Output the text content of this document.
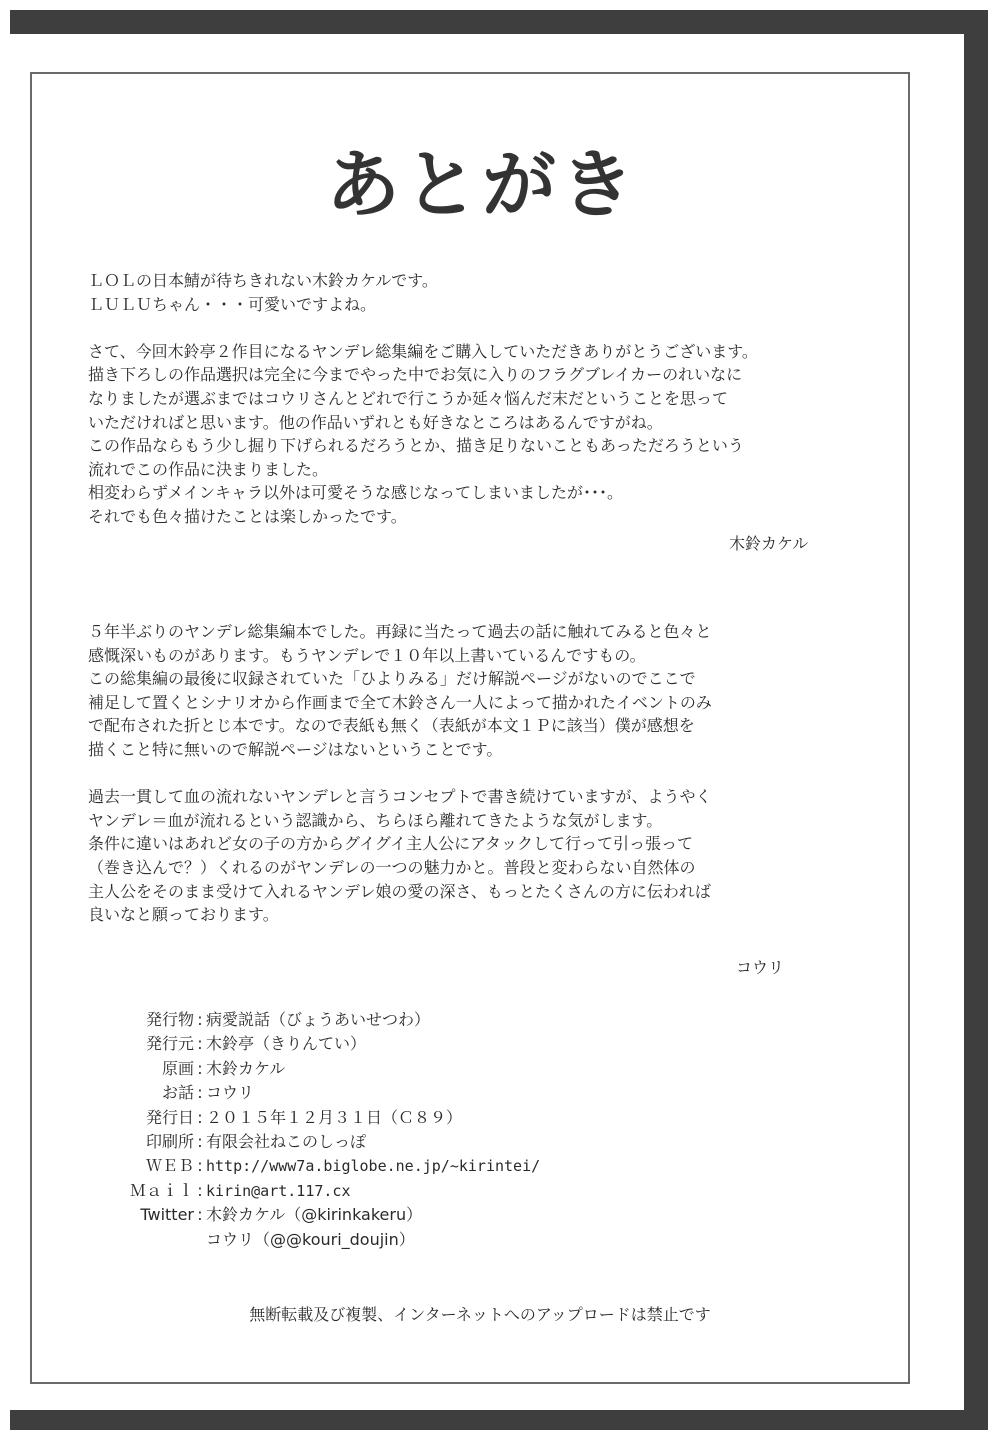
あとがき
ＬＯＬの日本鯖が待ちきれない木鈴カケルです。
ＬＵＬＵちゃん・・・可愛いですよね。
さて、今回木鈴亭２作目になるヤンデレ総集編をご購入していただきありがとうございます。
描き下ろしの作品選択は完全に今までやった中でお気に入りのフラグブレイカーのれいなに
なりましたが選ぶまではコウリさんとどれで行こうか延々悩んだ末だということを思って
いただければと思います。他の作品いずれとも好きなところはあるんですがね。
この作品ならもう少し掘り下げられるだろうとか、描き足りないこともあっただろうという
流れでこの作品に決まりました。
相変わらずメインキャラ以外は可愛そうな感じなってしまいましたが･･･。
それでも色々描けたことは楽しかったです。
木鈴カケル
５年半ぶりのヤンデレ総集編本でした。再録に当たって過去の話に触れてみると色々と
感慨深いものがあります。もうヤンデレで１０年以上書いているんですもの。
この総集編の最後に収録されていた「ひよりみる」だけ解説ページがないのでここで
補足して置くとシナリオから作画まで全て木鈴さん一人によって描かれたイベントのみ
で配布された折とじ本です。なので表紙も無く（表紙が本文１Ｐに該当）僕が感想を
描くこと特に無いので解説ページはないということです。
過去一貫して血の流れないヤンデレと言うコンセプトで書き続けていますが、ようやく
ヤンデレ＝血が流れるという認識から、ちらほら離れてきたような気がします。
条件に違いはあれど女の子の方からグイグイ主人公にアタックして行って引っ張って
（巻き込んで？）くれるのがヤンデレの一つの魅力かと。普段と変わらない自然体の
主人公をそのまま受けて入れるヤンデレ娘の愛の深さ、もっとたくさんの方に伝われば
良いなと願っております。
コウリ
発行物 : 病愛説話（びょうあいせつわ）
発行元 : 木鈴亭（きりんてい）
原画 : 木鈴カケル
お話 : コウリ
発行日 : ２０１５年１２月３１日（Ｃ８９）
印刷所 : 有限会社ねこのしっぽ
ＷＥＢ : http://www7a.biglobe.ne.jp/~kirintei/
Ｍａｉｌ : kirin@art.117.cx
Twitter : 木鈴カケル（@kirinkakeru）
コウリ（@@kouri_doujin）
無断転載及び複製、インターネットへのアップロードは禁止です
